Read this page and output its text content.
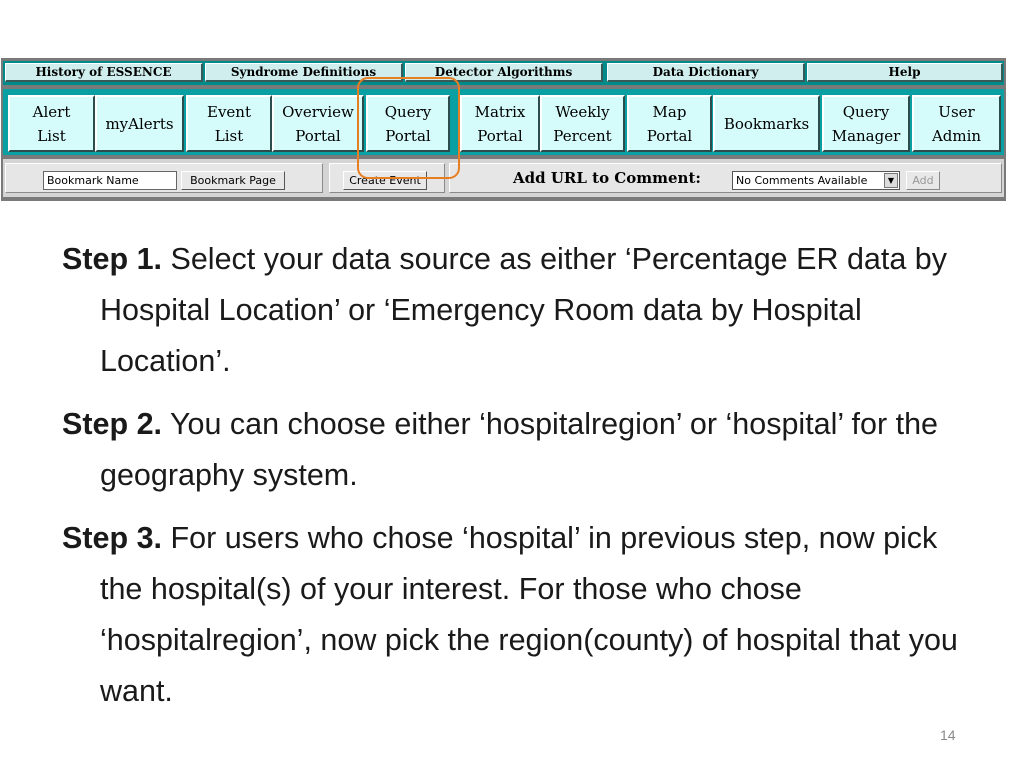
History of ESSENCE	Syndrome Definitions	Detector Algorithms	Data Dictionary	Help
Alert
List
myAlerts
Event
List
Overview
Portal
Query
Portal
Matrix
Portal
Weekly
Percent
Map
Portal
Bookmarks
Query
Manager
User
Admin
Bookmark Name	Bookmark Page	Create Event	Add URL to Comment:	No Comments Available	▼	Add

Step 1. Select your data source as either ‘Percentage ER data by Hospital Location’ or ‘Emergency Room data by Hospital Location’.

Step 2. You can choose either ‘hospitalregion’ or ‘hospital’ for the geography system.

Step 3. For users who chose ‘hospital’ in previous step, now pick the hospital(s) of your interest. For those who chose ‘hospitalregion’, now pick the region(county) of hospital that you want.

14
